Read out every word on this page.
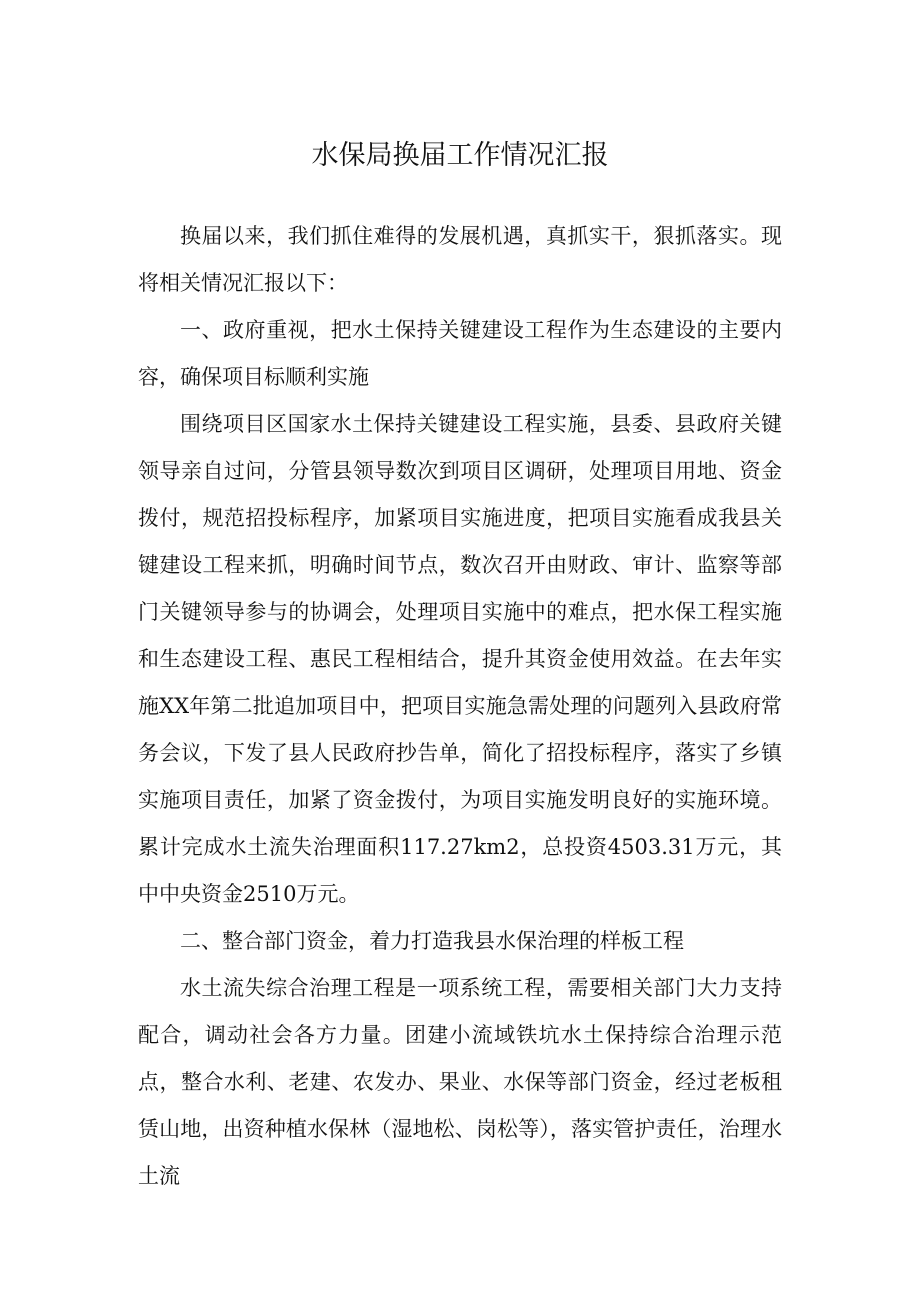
水保局换届工作情况汇报

换届以来，我们抓住难得的发展机遇，真抓实干，狠抓落实。现将相关情况汇报以下：

一、政府重视，把水土保持关键建设工程作为生态建设的主要内容，确保项目标顺利实施

围绕项目区国家水土保持关键建设工程实施，县委、县政府关键领导亲自过问，分管县领导数次到项目区调研，处理项目用地、资金拨付，规范招投标程序，加紧项目实施进度，把项目实施看成我县关键建设工程来抓，明确时间节点，数次召开由财政、审计、监察等部门关键领导参与的协调会，处理项目实施中的难点，把水保工程实施和生态建设工程、惠民工程相结合，提升其资金使用效益。在去年实施XX年第二批追加项目中，把项目实施急需处理的问题列入县政府常务会议，下发了县人民政府抄告单，简化了招投标程序，落实了乡镇实施项目责任，加紧了资金拨付，为项目实施发明良好的实施环境。累计完成水土流失治理面积117.27km2，总投资4503.31万元，其中中央资金2510万元。

二、整合部门资金，着力打造我县水保治理的样板工程

水土流失综合治理工程是一项系统工程，需要相关部门大力支持配合，调动社会各方力量。团建小流域铁坑水土保持综合治理示范点，整合水利、老建、农发办、果业、水保等部门资金，经过老板租赁山地，出资种植水保林（湿地松、岗松等），落实管护责任，治理水土流
